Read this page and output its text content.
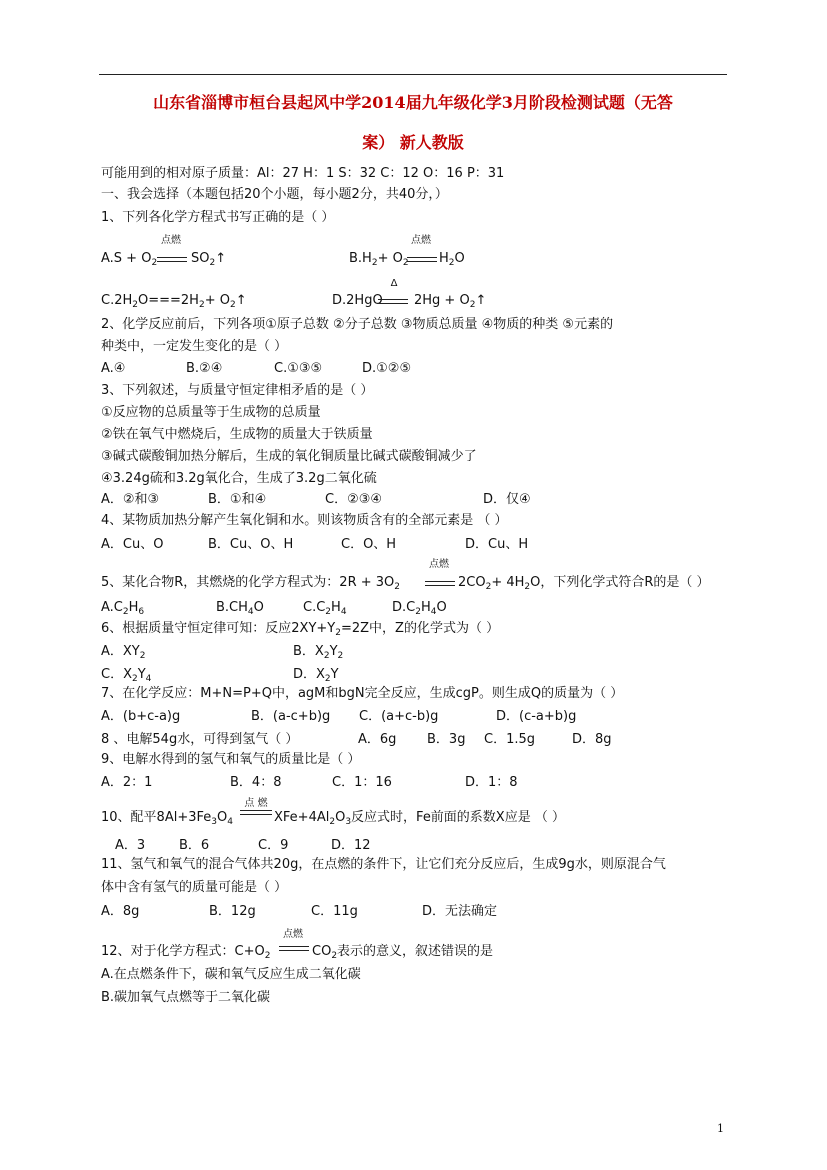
山东省淄博市桓台县起风中学2014届九年级化学3月阶段检测试题（无答
案） 新人教版
可能用到的相对原子质量：Al：27 H：1 S：32 C：12 O：16 P：31
一、我会选择（本题包括20个小题，每小题2分，共40分，）
1、下列各化学方程式书写正确的是（ ）
点燃
$A.S + O_2$	$SO_2↑$
点燃
$B.H_2+ O_2$ $H_2O$
$C.2H_2O===2H_2+$ $O_2↑$
Δ
D.2HgO $2Hg + O_2↑$
2、化学反应前后，下列各项①原子总数 ②分子总数 ③物质总质量 ④物质的种类 ⑤元素的
种类中，一定发生变化的是（ ）
A.④	B.②④	C.①③⑤	D.①②⑤
3、下列叙述，与质量守恒定律相矛盾的是（ ）
①反应物的总质量等于生成物的总质量
②铁在氧气中燃烧后，生成物的质量大于铁质量
③碱式碳酸铜加热分解后，生成的氧化铜质量比碱式碳酸铜减少了
④3.24g硫和3.2g氧化合，生成了3.2g二氧化硫
A．②和③	B．①和④	C．②③④	D．仅④
4、某物质加热分解产生氧化铜和水。则该物质含有的全部元素是 （ ）
A．Cu、O	B．Cu、O、H	C．O、H	D．Cu、H
点燃
5、某化合物R，其燃烧的化学方程式为：$2R + 3O_2$	$2CO_2+ 4H_2O$，下列化学式符合R的是（ ）
$A.C_2H_6$	$B.CH_4O$	$C.C_2H_4$	$D.C_2H_4O$
6、根据质量守恒定律可知：反应$2XY+Y_2=2Z$中，Z的化学式为（ ）
A．$XY_2$	B．$X_2Y_2$
C．$X_2Y_4$	D．$X_2Y$
7、在化学反应：M+N=P+Q中，agM和bgN完全反应，生成cgP。则生成Q的质量为（ ）
A．(b+c-a)g	B．(a-c+b)g C．(a+c-b)g	D．(c-a+b)g
8 、电解54g水，可得到氢气（ ）	A．6g B．3g C．1.5g	D．8g
9、电解水得到的氢气和氧气的质量比是（ ）
A．2：1	B．4：8	C．1：16	D．1：8
点 燃
10、配平$8Al+3Fe_3O_4$	$XFe+4Al_2O_3$反应式时，Fe前面的系数X应是 （ ）
A．3	B．6	C．9	D．12
11、氢气和氧气的混合气体共20g，在点燃的条件下，让它们充分反应后，生成9g水，则原混合气
体中含有氢气的质量可能是（ ）
A．8g	B．12g	C．11g	D．无法确定
点燃
12、对于化学方程式：$C+O_2$	$CO_2$表示的意义，叙述错误的是
A.在点燃条件下，碳和氧气反应生成二氧化碳
B.碳加氧气点燃等于二氧化碳
1
